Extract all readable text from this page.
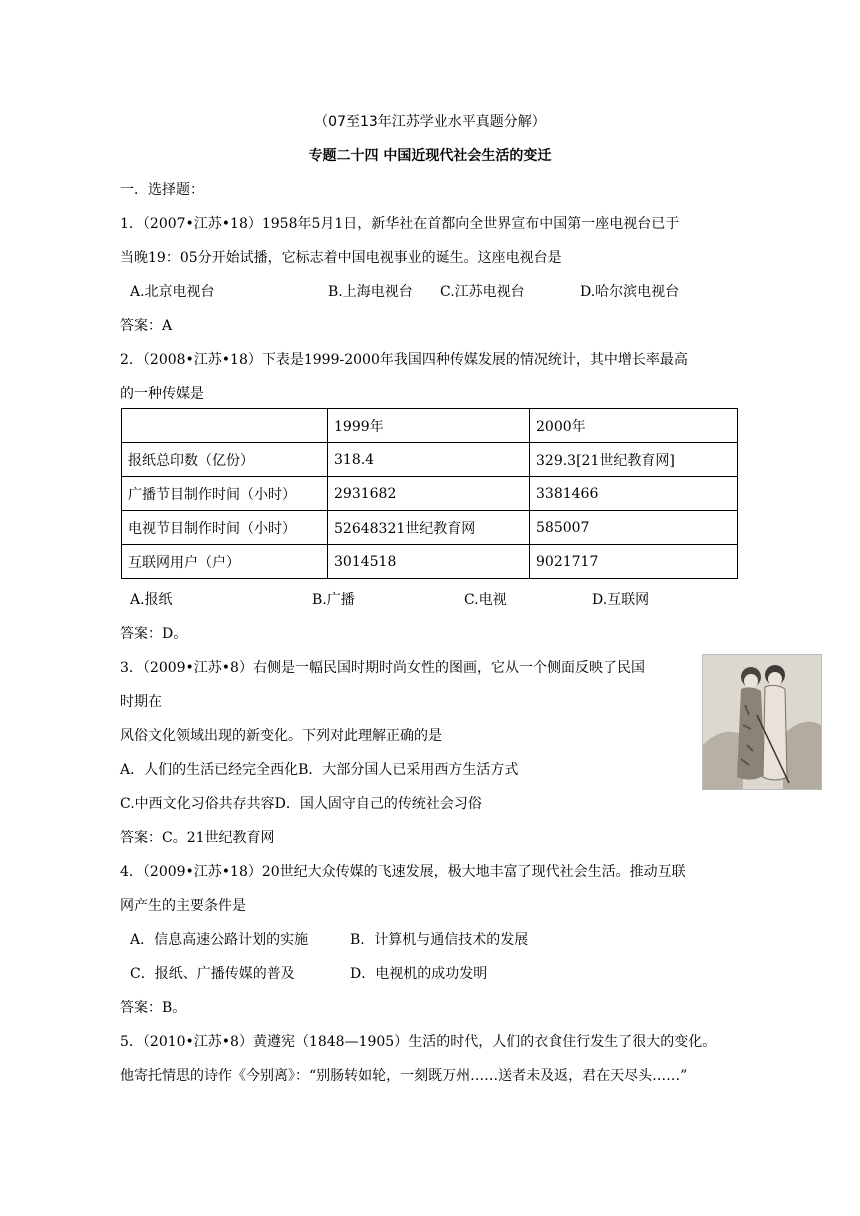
（07至13年江苏学业水平真题分解）
专题二十四 中国近现代社会生活的变迁
一．选择题：
1．（2007•江苏•18）1958年5月1日，新华社在首都向全世界宣布中国第一座电视台已于
当晚19：05分开始试播，它标志着中国电视事业的诞生。这座电视台是
A.北京电视台	B.上海电视台 C.江苏电视台	D.哈尔滨电视台
答案：A
2．（2008•江苏•18）下表是1999-2000年我国四种传媒发展的情况统计，其中增长率最高
的一种传媒是
	1999年	2000年
报纸总印数（亿份）	318.4	329.3[21世纪教育网]
广播节目制作时间（小时）	2931682	3381466
电视节目制作时间（小时）	52648321世纪教育网	585007
互联网用户（户）	3014518	9021717
A.报纸	B.广播	C.电视	D.互联网
答案：D。
3．（2009•江苏•8）右侧是一幅民国时期时尚女性的图画，它从一个侧面反映了民国
时期在
风俗文化领域出现的新变化。下列对此理解正确的是
A．人们的生活已经完全西化B．大部分国人已采用西方生活方式
C.中西文化习俗共存共容D．国人固守自己的传统社会习俗
答案：C。21世纪教育网
4．（2009•江苏•18）20世纪大众传媒的飞速发展，极大地丰富了现代社会生活。推动互联
网产生的主要条件是
A．信息高速公路计划的实施	B．计算机与通信技术的发展
C．报纸、广播传媒的普及	D．电视机的成功发明
答案：B。
5．（2010•江苏•8）黄遵宪（1848—1905）生活的时代，人们的衣食住行发生了很大的变化。
他寄托情思的诗作《今别离》：“别肠转如轮，一刻既万州……送者未及返，君在天尽头……”
